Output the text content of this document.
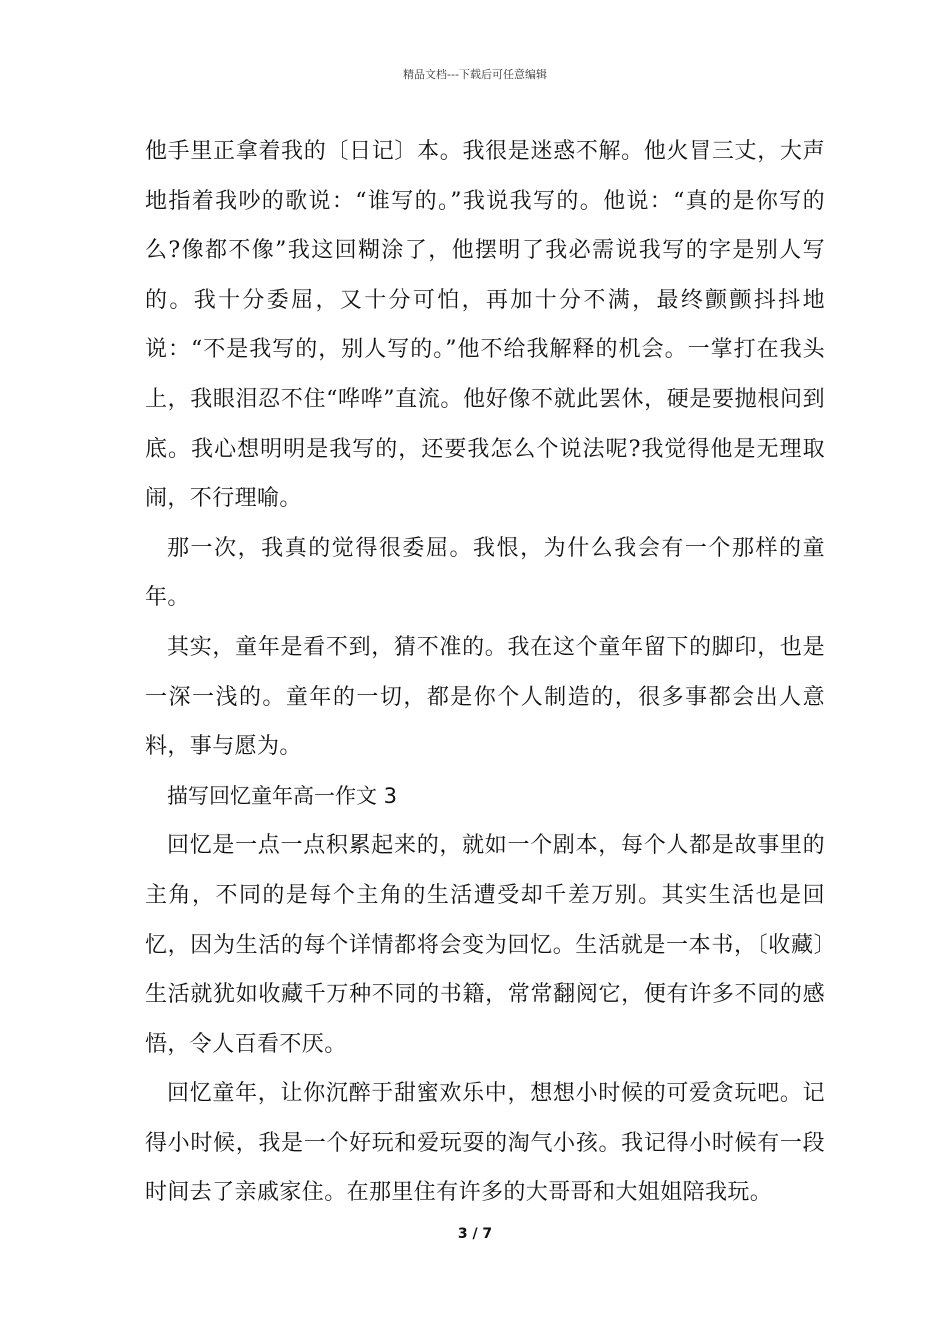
精品文档---下载后可任意编辑

他手里正拿着我的〔日记〕本。我很是迷惑不解。他火冒三丈，大声地指着我吵的歌说：“谁写的。”我说我写的。他说：“真的是你写的么?像都不像”我这回糊涂了，他摆明了我必需说我写的字是别人写的。我十分委屈，又十分可怕，再加十分不满，最终颤颤抖抖地说：“不是我写的，别人写的。”他不给我解释的机会。一掌打在我头上，我眼泪忍不住“哗哗”直流。他好像不就此罢休，硬是要抛根问到底。我心想明明是我写的，还要我怎么个说法呢?我觉得他是无理取闹，不行理喻。

那一次，我真的觉得很委屈。我恨，为什么我会有一个那样的童年。

其实，童年是看不到，猜不准的。我在这个童年留下的脚印，也是一深一浅的。童年的一切，都是你个人制造的，很多事都会出人意料，事与愿为。

描写回忆童年高一作文 3

回忆是一点一点积累起来的，就如一个剧本，每个人都是故事里的主角，不同的是每个主角的生活遭受却千差万别。其实生活也是回忆，因为生活的每个详情都将会变为回忆。生活就是一本书，〔收藏〕生活就犹如收藏千万种不同的书籍，常常翻阅它，便有许多不同的感悟，令人百看不厌。

回忆童年，让你沉醉于甜蜜欢乐中，想想小时候的可爱贪玩吧。记得小时候，我是一个好玩和爱玩耍的淘气小孩。我记得小时候有一段时间去了亲戚家住。在那里住有许多的大哥哥和大姐姐陪我玩。

3 / 7
